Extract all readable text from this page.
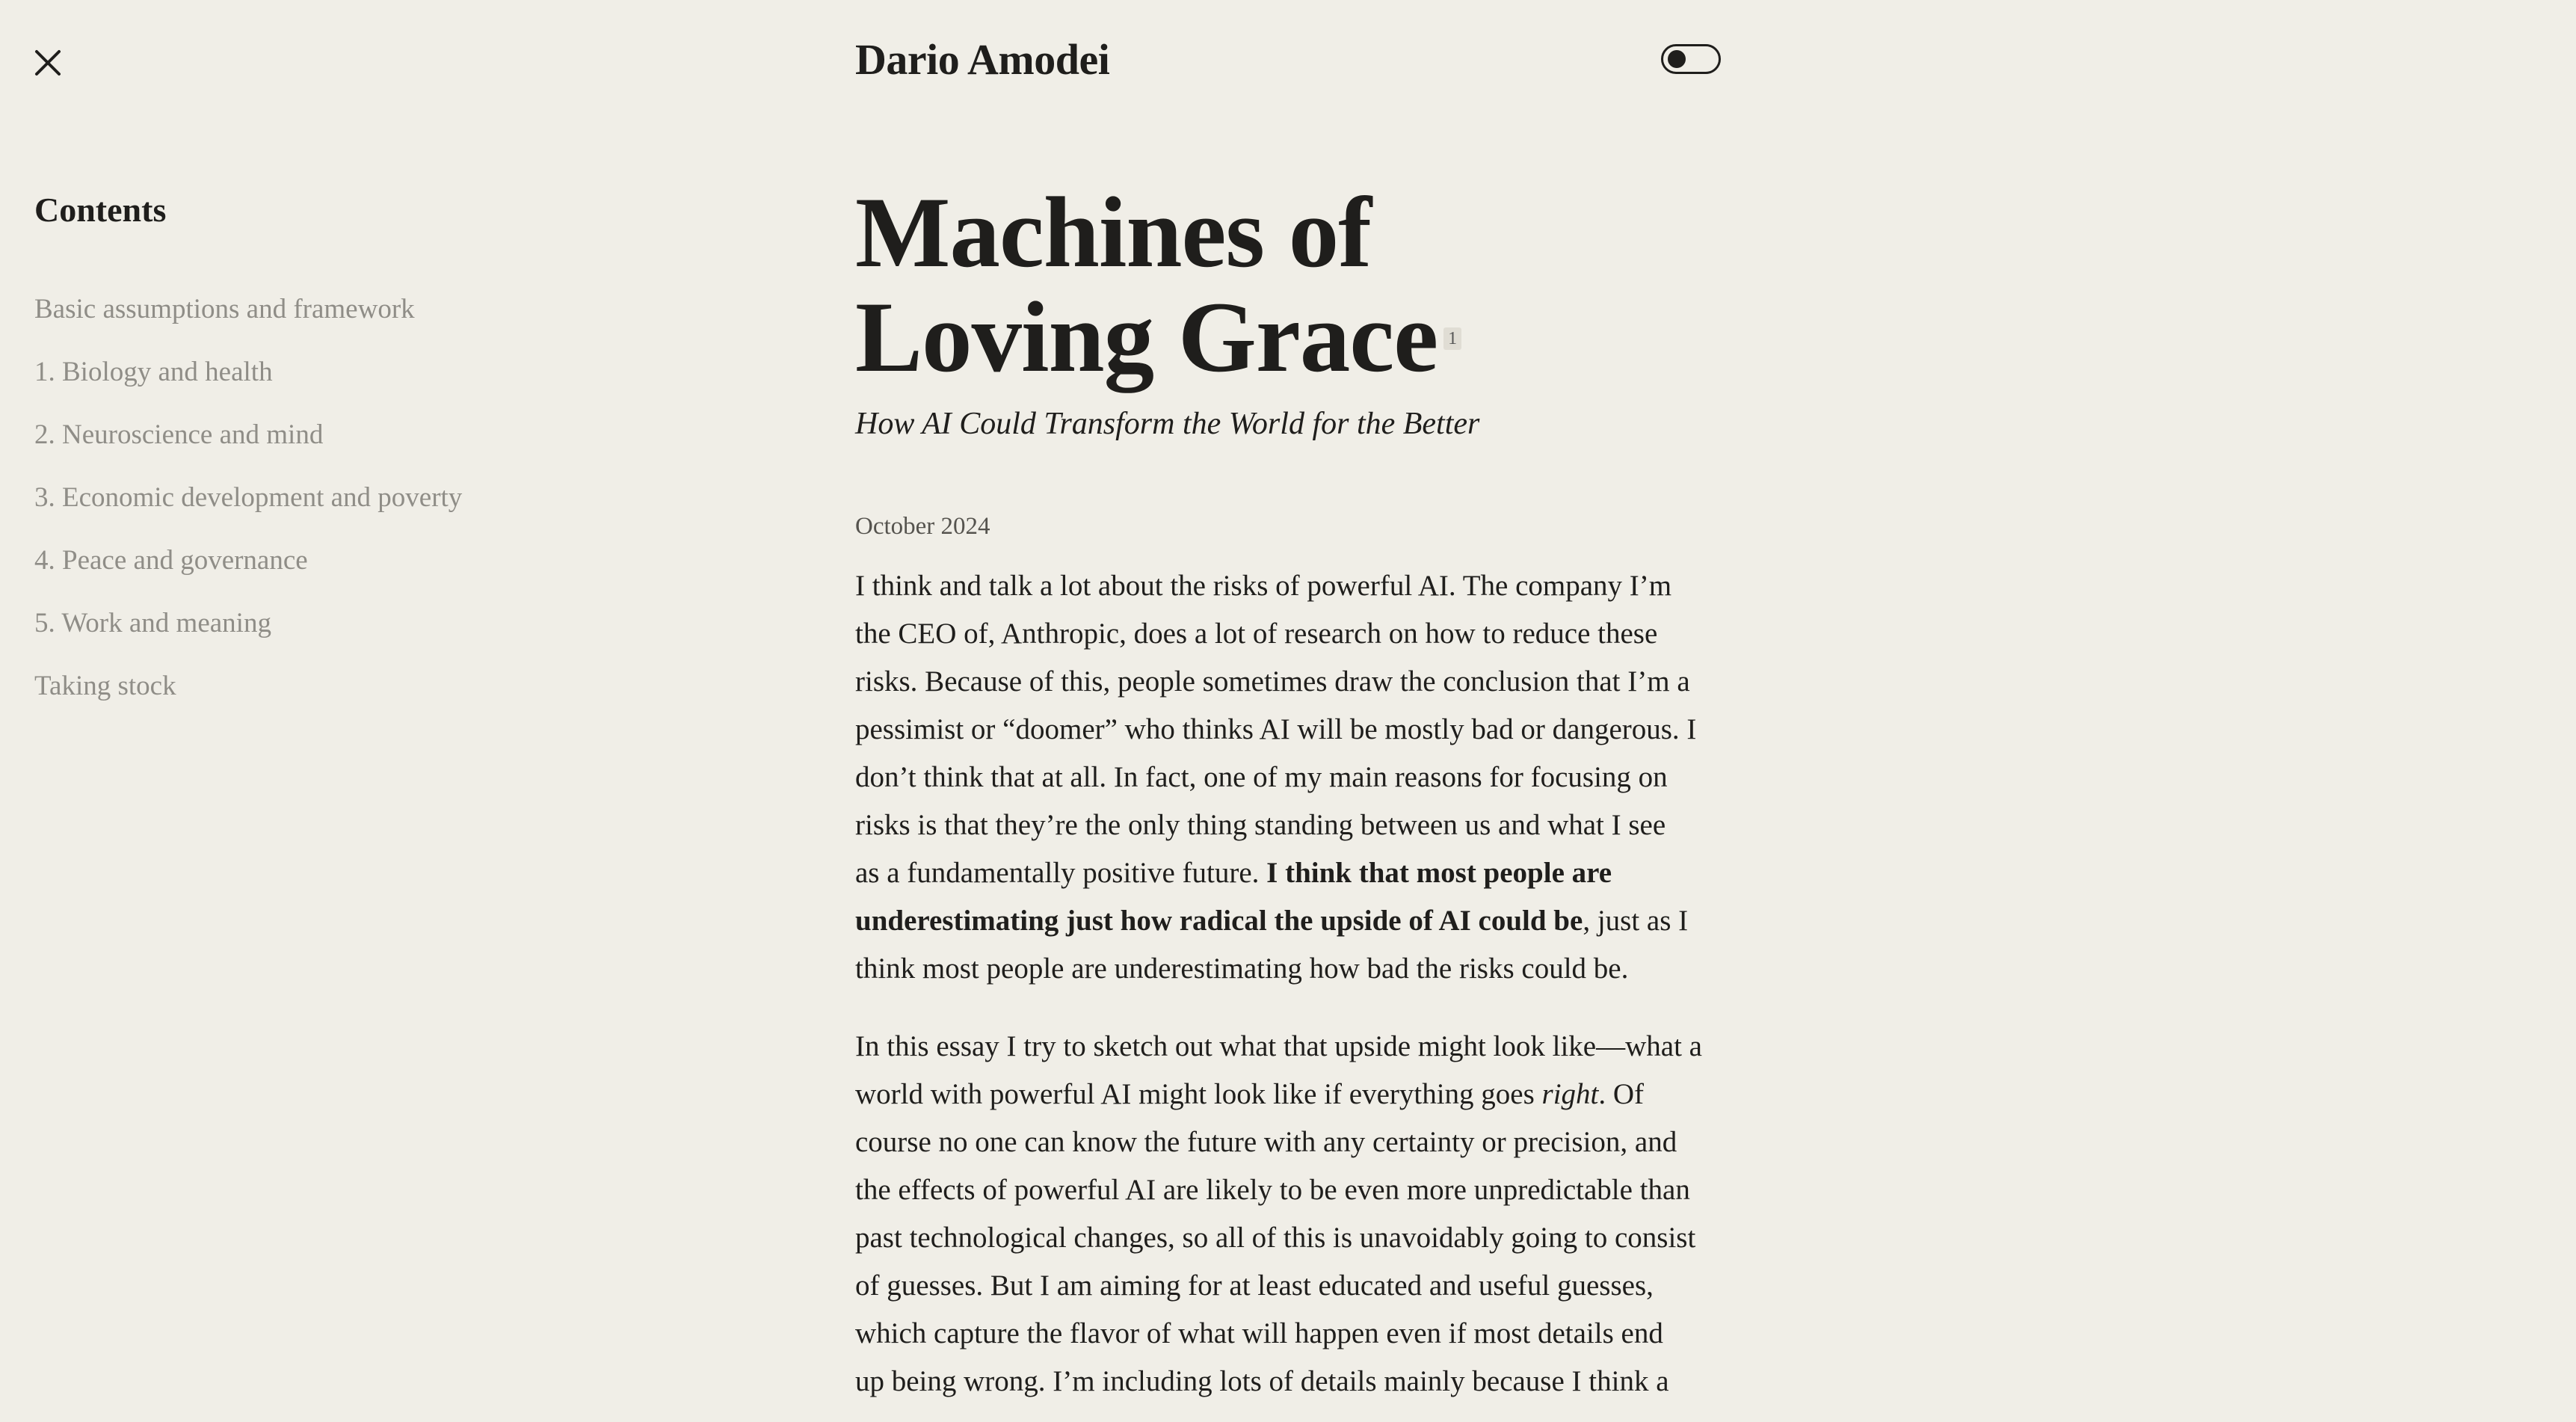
Contents
Basic assumptions and framework
1. Biology and health
2. Neuroscience and mind
3. Economic development and poverty
4. Peace and governance
5. Work and meaning
Taking stock
Dario Amodei
Machines of
Loving Grace 1

How AI Could Transform the World for the Better

October 2024

I think and talk a lot about the risks of powerful AI. The company I’m
the CEO of, Anthropic, does a lot of research on how to reduce these
risks. Because of this, people sometimes draw the conclusion that I’m a
pessimist or “doomer” who thinks AI will be mostly bad or dangerous. I
don’t think that at all. In fact, one of my main reasons for focusing on
risks is that they’re the only thing standing between us and what I see
as a fundamentally positive future. I think that most people are
underestimating just how radical the upside of AI could be, just as I
think most people are underestimating how bad the risks could be.

In this essay I try to sketch out what that upside might look like—what a
world with powerful AI might look like if everything goes right. Of
course no one can know the future with any certainty or precision, and
the effects of powerful AI are likely to be even more unpredictable than
past technological changes, so all of this is unavoidably going to consist
of guesses. But I am aiming for at least educated and useful guesses,
which capture the flavor of what will happen even if most details end
up being wrong. I’m including lots of details mainly because I think a
